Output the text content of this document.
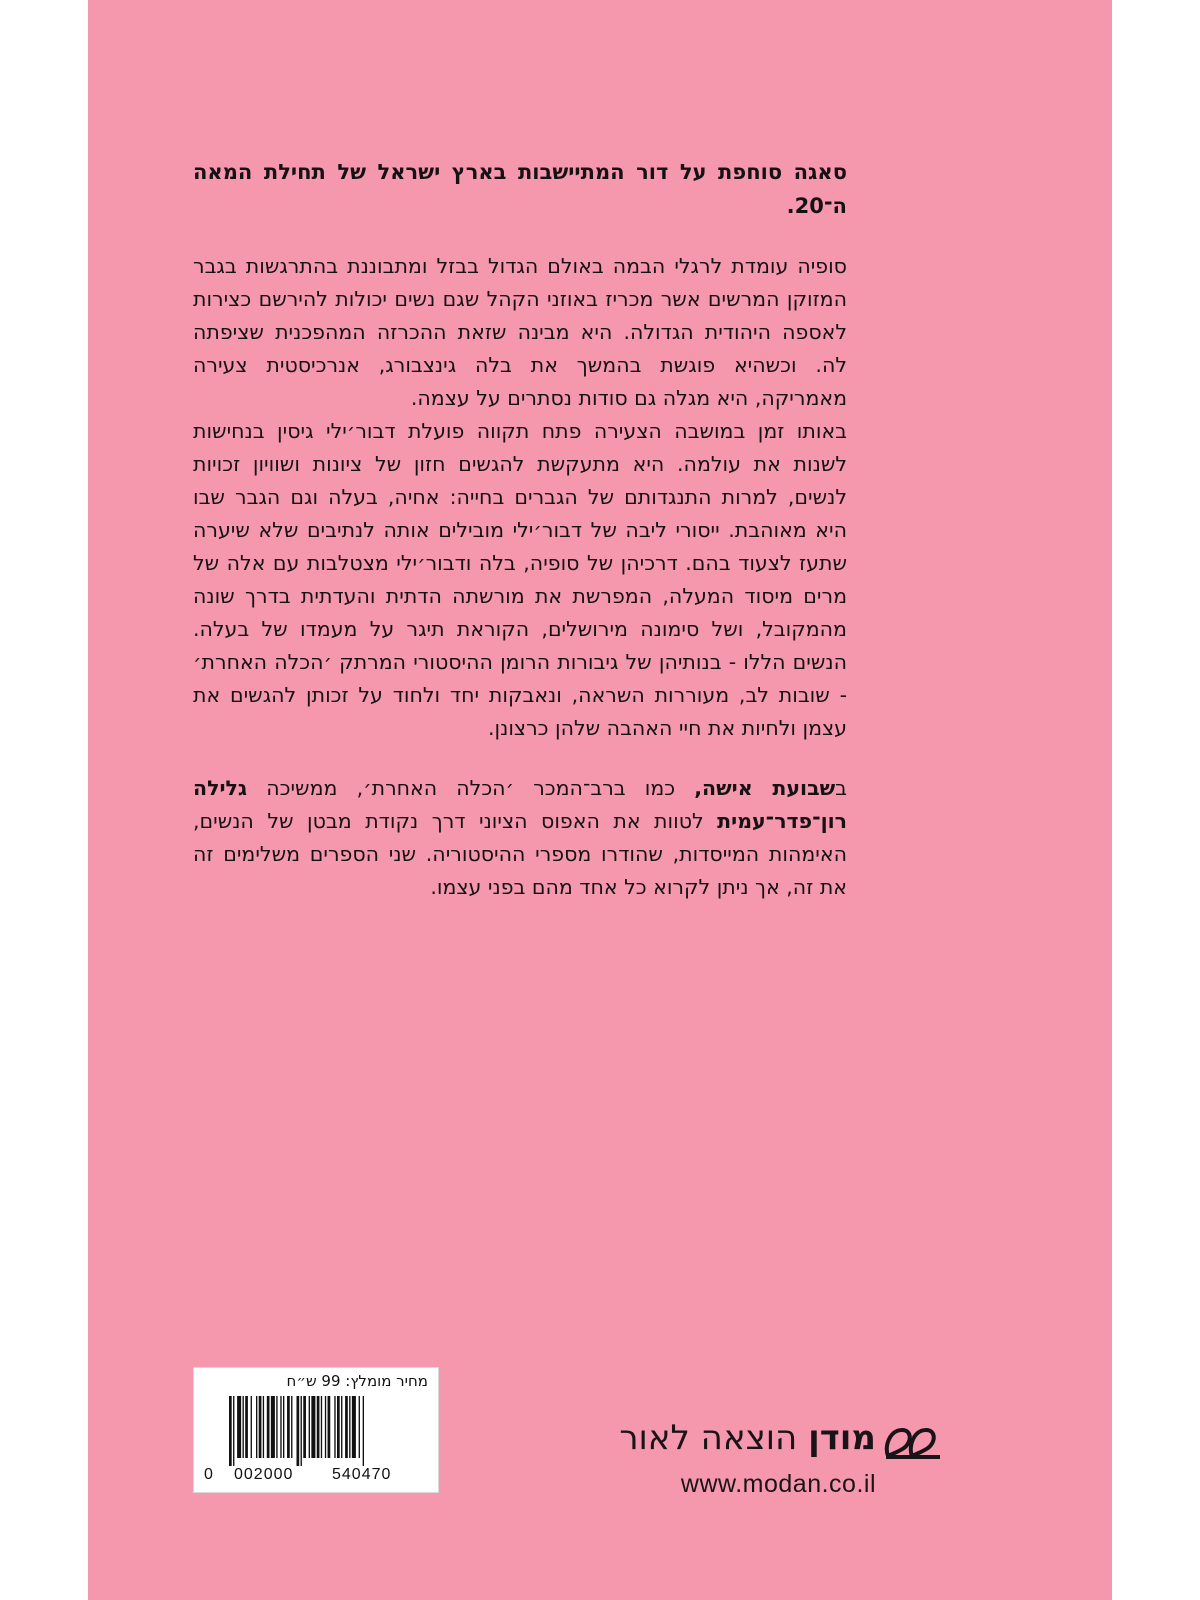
סאגה סוחפת על דור המתיישבות בארץ ישראל של תחילת המאה ה־20.

סופיה עומדת לרגלי הבמה באולם הגדול בבזל ומתבוננת בהתרגשות בגבר המזוקן המרשים אשר מכריז באוזני הקהל שגם נשים יכולות להירשם כצירות לאספה היהודית הגדולה. היא מבינה שזאת ההכרזה המהפכנית שציפתה לה. וכשהיא פוגשת בהמשך את בלה גינצבורג, אנרכיסטית צעירה מאמריקה, היא מגלה גם סודות נסתרים על עצמה.

באותו זמן במושבה הצעירה פתח תקווה פועלת דבור׳ילי גיסין בנחישות לשנות את עולמה. היא מתעקשת להגשים חזון של ציונות ושוויון זכויות לנשים, למרות התנגדותם של הגברים בחייה: אחיה, בעלה וגם הגבר שבו היא מאוהבת. ייסורי ליבה של דבור׳ילי מובילים אותה לנתיבים שלא שיערה שתעז לצעוד בהם. דרכיהן של סופיה, בלה ודבור׳ילי מצטלבות עם אלה של מרים מיסוד המעלה, המפרשת את מורשתה הדתית והעדתית בדרך שונה מהמקובל, ושל סימונה מירושלים, הקוראת תיגר על מעמדו של בעלה. הנשים הללו - בנותיהן של גיבורות הרומן ההיסטורי המרתק ׳הכלה האחרת׳ - שובות לב, מעוררות השראה, ונאבקות יחד ולחוד על זכותן להגשים את עצמן ולחיות את חיי האהבה שלהן כרצונן.

בשבועת אישה, כמו ברב־המכר ׳הכלה האחרת׳, ממשיכה גלילה רון־פדר־עמית לטוות את האפוס הציוני דרך נקודת מבטן של הנשים, האימהות המייסדות, שהודרו מספרי ההיסטוריה. שני הספרים משלימים זה את זה, אך ניתן לקרוא כל אחד מהם בפני עצמו.

מחיר מומלץ: 99 ש״ח
0 002000 540470
מודן הוצאה לאור
www.modan.co.il
